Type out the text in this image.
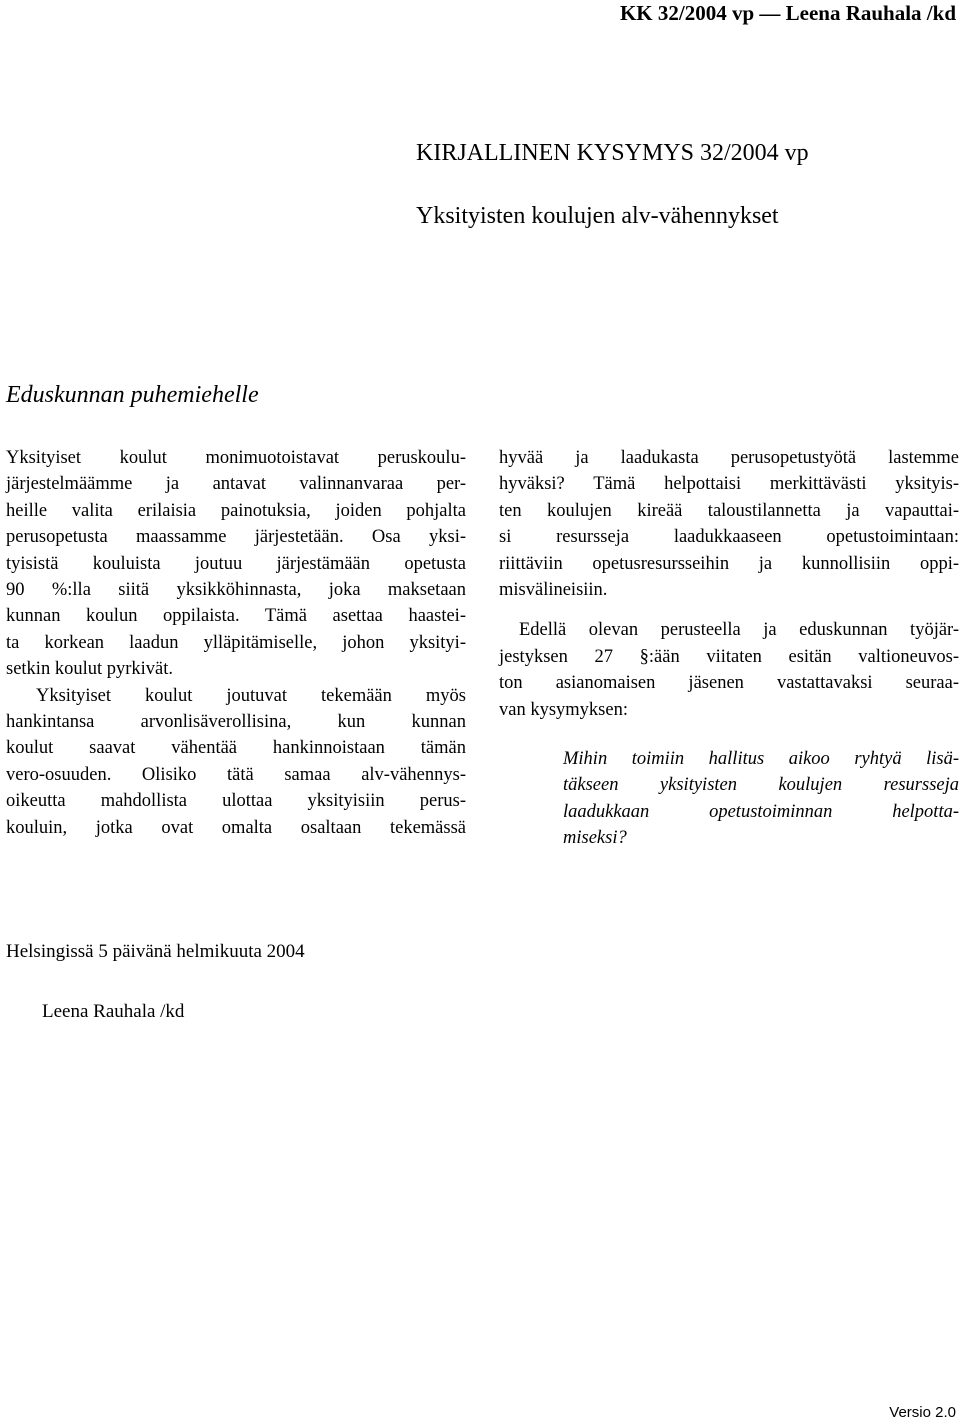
KK 32/2004 vp — Leena Rauhala /kd
KIRJALLINEN KYSYMYS 32/2004 vp
Yksityisten koulujen alv-vähennykset
Eduskunnan puhemiehelle
Yksityiset koulut monimuotoistavat peruskoulu-
järjestelmäämme ja antavat valinnanvaraa per-
heille valita erilaisia painotuksia, joiden pohjalta
perusopetusta maassamme järjestetään. Osa yksi-
tyisistä kouluista joutuu järjestämään opetusta
90 %:lla siitä yksikköhinnasta, joka maksetaan
kunnan koulun oppilaista. Tämä asettaa haastei-
ta korkean laadun ylläpitämiselle, johon yksityi-
setkin koulut pyrkivät.
Yksityiset koulut joutuvat tekemään myös
hankintansa arvonlisäverollisina, kun kunnan
koulut saavat vähentää hankinnoistaan tämän
vero-osuuden. Olisiko tätä samaa alv-vähennys-
oikeutta mahdollista ulottaa yksityisiin perus-
kouluin, jotka ovat omalta osaltaan tekemässä
hyvää ja laadukasta perusopetustyötä lastemme
hyväksi? Tämä helpottaisi merkittävästi yksityis-
ten koulujen kireää taloustilannetta ja vapauttai-
si resursseja laadukkaaseen opetustoimintaan:
riittäviin opetusresursseihin ja kunnollisiin oppi-
misvälineisiin.
Edellä olevan perusteella ja eduskunnan työjär-
jestyksen 27 §:ään viitaten esitän valtioneuvos-
ton asianomaisen jäsenen vastattavaksi seuraa-
van kysymyksen:
Mihin toimiin hallitus aikoo ryhtyä lisä-
täkseen yksityisten koulujen resursseja
laadukkaan opetustoiminnan helpotta-
miseksi?
Helsingissä 5 päivänä helmikuuta 2004
Leena Rauhala /kd
Versio 2.0
